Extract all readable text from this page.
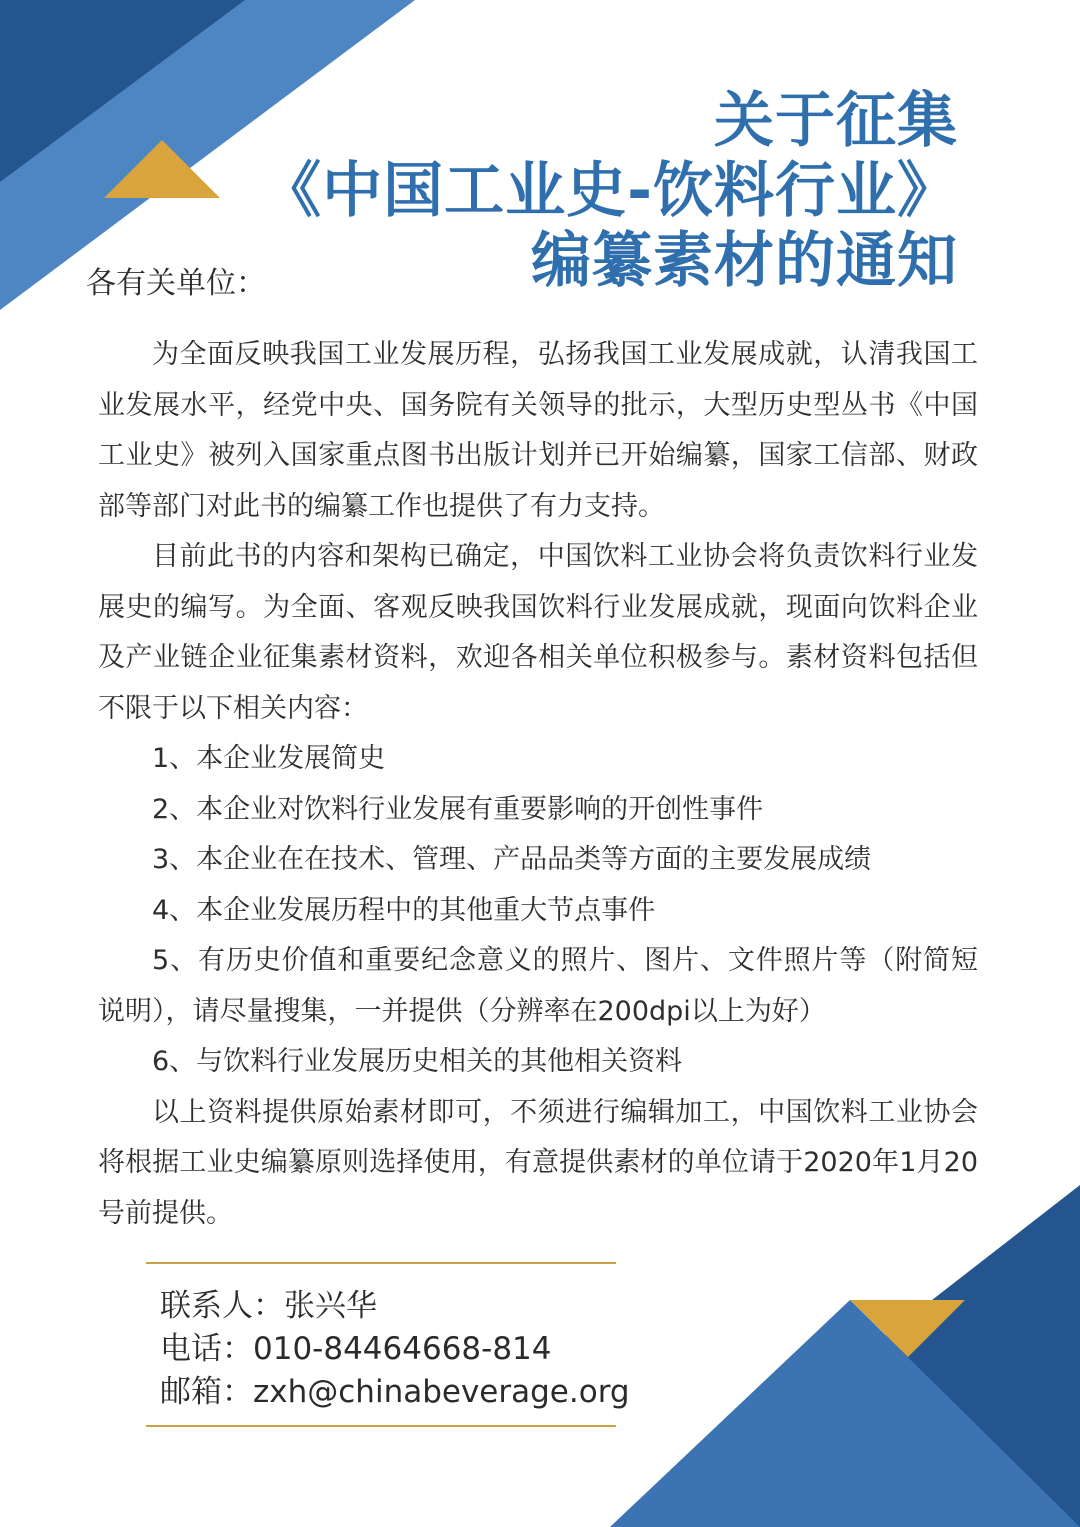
关于征集
《中国工业史-饮料行业》
编纂素材的通知
各有关单位：

为全面反映我国工业发展历程，弘扬我国工业发展成就，认清我国工业发展水平，经党中央、国务院有关领导的批示，大型历史型丛书《中国工业史》被列入国家重点图书出版计划并已开始编纂，国家工信部、财政部等部门对此书的编纂工作也提供了有力支持。

目前此书的内容和架构已确定，中国饮料工业协会将负责饮料行业发展史的编写。为全面、客观反映我国饮料行业发展成就，现面向饮料企业及产业链企业征集素材资料，欢迎各相关单位积极参与。素材资料包括但不限于以下相关内容：

1、本企业发展简史

2、本企业对饮料行业发展有重要影响的开创性事件

3、本企业在在技术、管理、产品品类等方面的主要发展成绩

4、本企业发展历程中的其他重大节点事件

5、有历史价值和重要纪念意义的照片、图片、文件照片等（附简短说明），请尽量搜集，一并提供（分辨率在200dpi以上为好）

6、与饮料行业发展历史相关的其他相关资料

以上资料提供原始素材即可，不须进行编辑加工，中国饮料工业协会将根据工业史编纂原则选择使用，有意提供素材的单位请于2020年1月20号前提供。

联系人：张兴华
电话：010-84464668-814
邮箱：zxh@chinabeverage.org
